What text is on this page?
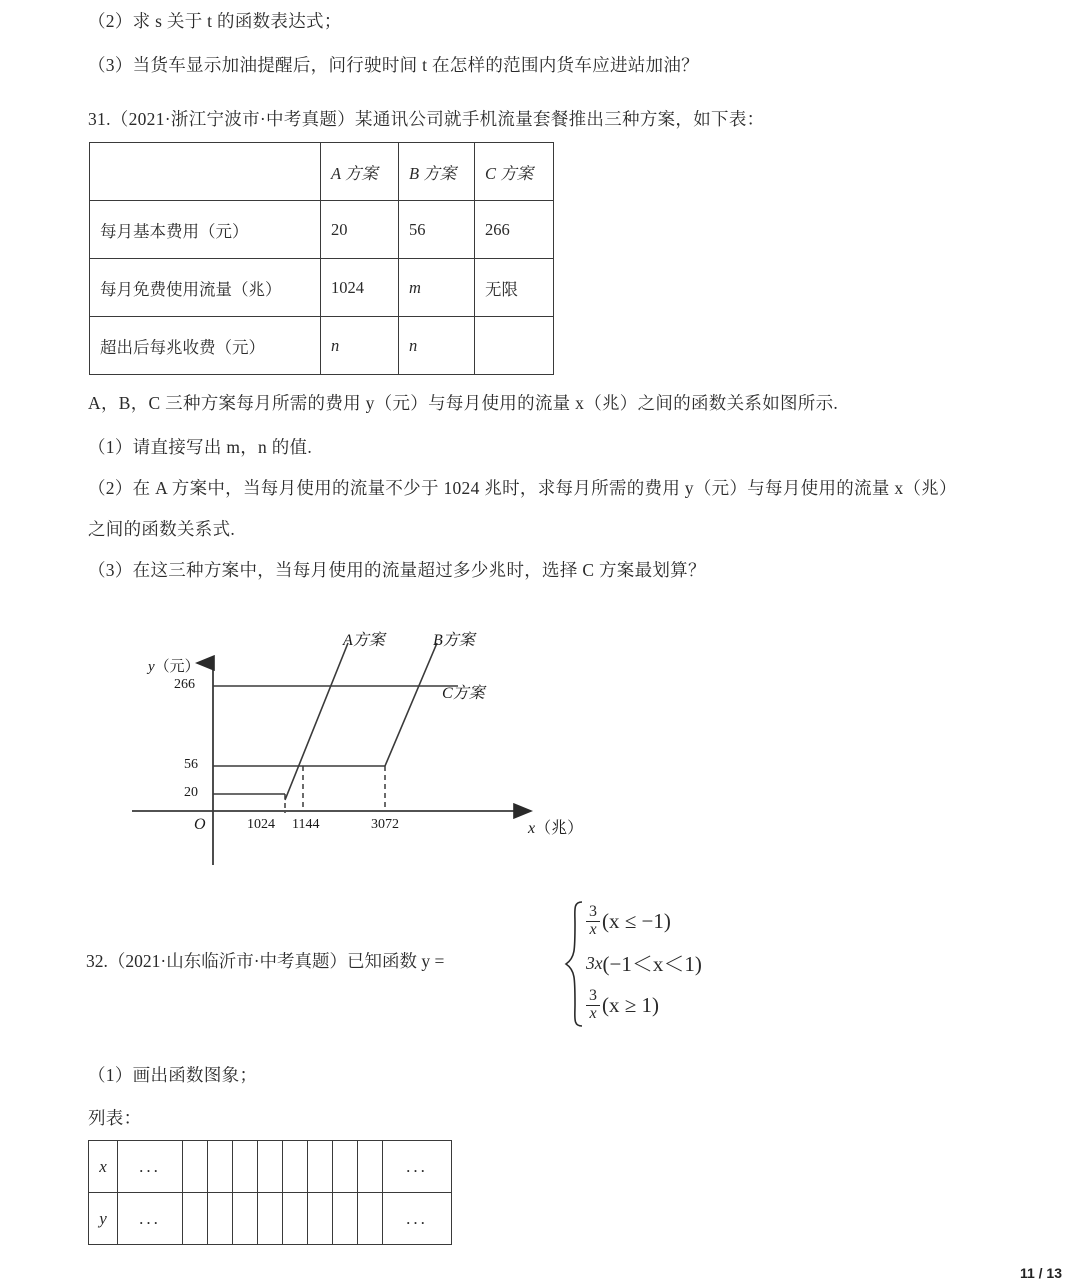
（2）求 s 关于 t 的函数表达式；
（3）当货车显示加油提醒后，问行驶时间 t 在怎样的范围内货车应进站加油？
31.（2021·浙江宁波市·中考真题）某通讯公司就手机流量套餐推出三种方案，如下表：
	A 方案	B 方案	C 方案
每月基本费用（元）	20	56	266
每月免费使用流量（兆）	1024	m	无限
超出后每兆收费（元）	n	n	
A，B，C 三种方案每月所需的费用 y（元）与每月使用的流量 x（兆）之间的函数关系如图所示.
（1）请直接写出 m，n 的值.
（2）在 A 方案中，当每月使用的流量不少于 1024 兆时，求每月所需的费用 y（元）与每月使用的流量 x（兆）
之间的函数关系式.
（3）在这三种方案中，当每月使用的流量超过多少兆时，选择 C 方案最划算？
y（元）
x（兆）
266
56
20
O	1024 1144	3072
A方案	B方案
C方案
32.（2021·山东临沂市·中考真题）已知函数 y =
$\frac{3}{x} (x \le -1)$
3x (−1＜x＜1)
$\frac{3}{x} (x \ge 1)$
（1）画出函数图象；
列表：
x	...									...
y	...									...
11 / 13
